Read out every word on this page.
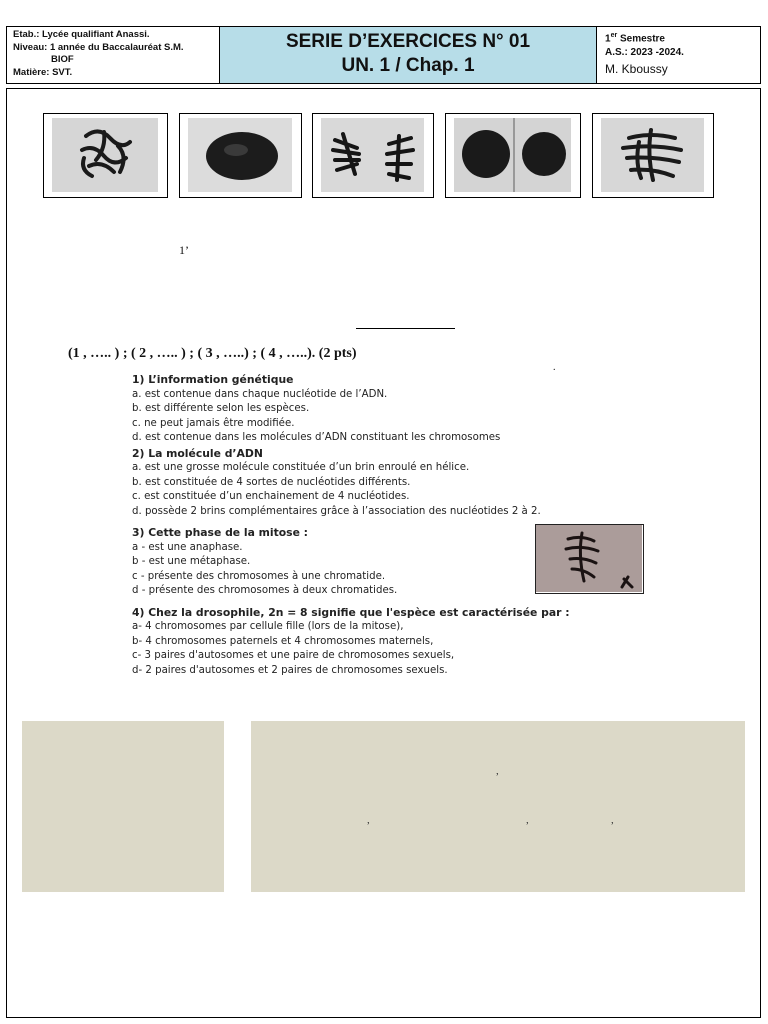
Etab.: Lycée qualifiant Anassi.
Niveau: 1 année du Baccalauréat S.M.
BIOF
Matière: SVT.
SERIE D’EXERCICES N° 01
UN. 1 / Chap. 1
1er Semestre
A.S.: 2023 -2024.
M. Kboussy
1’
(1 , ….. ) ; ( 2 , ….. ) ; ( 3 , …..) ; ( 4 , …..). (2 pts)
.
1) L’information génétique
a. est contenue dans chaque nucléotide de l’ADN.
b. est différente selon les espèces.
c. ne peut jamais être modifiée.
d. est contenue dans les molécules d’ADN constituant les chromosomes
2) La molécule d’ADN
a. est une grosse molécule constituée d’un brin enroulé en hélice.
b. est constituée de 4 sortes de nucléotides différents.
c. est constituée d’un enchainement de 4 nucléotides.
d. possède 2 brins complémentaires grâce à l’association des nucléotides 2 à 2.
3) Cette phase de la mitose :
a - est une anaphase.
b - est une métaphase.
c - présente des chromosomes à une chromatide.
d - présente des chromosomes à deux chromatides.
4) Chez la drosophile, 2n = 8 signifie que l'espèce est caractérisée par :
a- 4 chromosomes par cellule fille (lors de la mitose),
b- 4 chromosomes paternels et 4 chromosomes maternels,
c- 3 paires d'autosomes et une paire de chromosomes sexuels,
d- 2 paires d'autosomes et 2 paires de chromosomes sexuels.
,
,	,	,
